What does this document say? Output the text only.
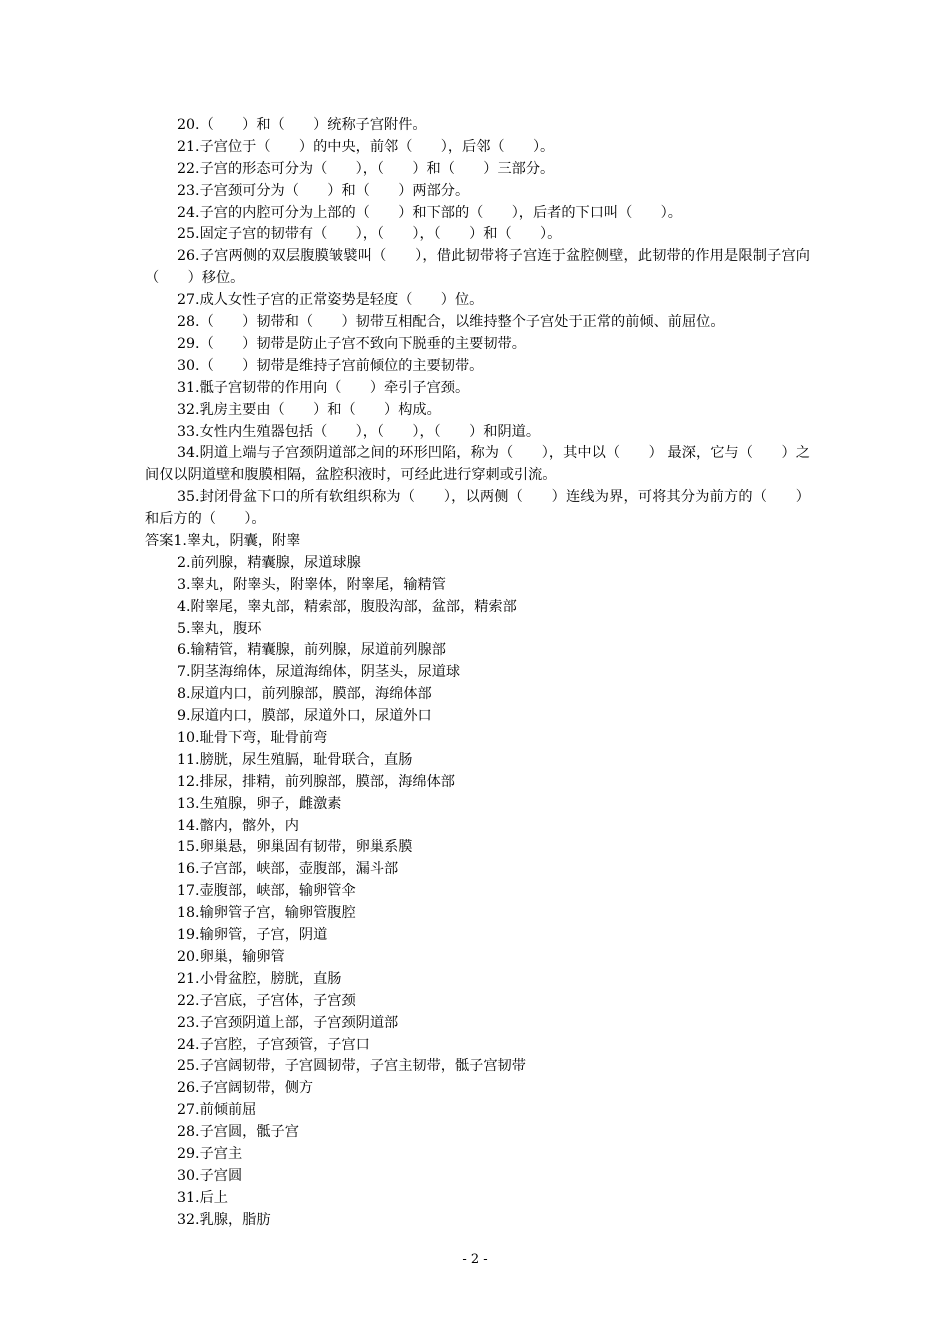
20.（　　）和（　　）统称子宫附件。
21.子宫位于（　　）的中央，前邻（　　），后邻（　　）。
22.子宫的形态可分为（　　），（　　）和（　　）三部分。
23.子宫颈可分为（　　）和（　　）两部分。
24.子宫的内腔可分为上部的（　　）和下部的（　　），后者的下口叫（　　）。
25.固定子宫的韧带有（　　），（　　），（　　）和（　　）。
26.子宫两侧的双层腹膜皱襞叫（　　），借此韧带将子宫连于盆腔侧壁，此韧带的作用是限制子宫向（　　）移位。
27.成人女性子宫的正常姿势是轻度（　　）位。
28.（　　）韧带和（　　）韧带互相配合，以维持整个子宫处于正常的前倾、前屈位。
29.（　　）韧带是防止子宫不致向下脱垂的主要韧带。
30.（　　）韧带是维持子宫前倾位的主要韧带。
31.骶子宫韧带的作用向（　　）牵引子宫颈。
32.乳房主要由（　　）和（　　）构成。
33.女性内生殖器包括（　　），（　　），（　　）和阴道。
34.阴道上端与子宫颈阴道部之间的环形凹陷，称为（　　），其中以（　　） 最深，它与（　　）之间仅以阴道壁和腹膜相隔，盆腔积液时，可经此进行穿刺或引流。
35.封闭骨盆下口的所有软组织称为（　　），以两侧（　　）连线为界，可将其分为前方的（　　）和后方的（　　）。
答案1.睾丸，阴囊，附睾
2.前列腺，精囊腺，尿道球腺
3.睾丸，附睾头，附睾体，附睾尾，输精管
4.附睾尾，睾丸部，精索部，腹股沟部，盆部，精索部
5.睾丸，腹环
6.输精管，精囊腺，前列腺，尿道前列腺部
7.阴茎海绵体，尿道海绵体，阴茎头，尿道球
8.尿道内口，前列腺部，膜部，海绵体部
9.尿道内口，膜部，尿道外口，尿道外口
10.耻骨下弯，耻骨前弯
11.膀胱，尿生殖膈，耻骨联合，直肠
12.排尿，排精，前列腺部，膜部，海绵体部
13.生殖腺，卵子，雌激素
14.髂内，髂外，内
15.卵巢悬，卵巢固有韧带，卵巢系膜
16.子宫部，峡部，壶腹部，漏斗部
17.壶腹部，峡部，输卵管伞
18.输卵管子宫，输卵管腹腔
19.输卵管，子宫，阴道
20.卵巢，输卵管
21.小骨盆腔，膀胱，直肠
22.子宫底，子宫体，子宫颈
23.子宫颈阴道上部，子宫颈阴道部
24.子宫腔，子宫颈管，子宫口
25.子宫阔韧带，子宫圆韧带，子宫主韧带，骶子宫韧带
26.子宫阔韧带，侧方
27.前倾前屈
28.子宫圆，骶子宫
29.子宫主
30.子宫圆
31.后上
32.乳腺，脂肪
- 2 -
